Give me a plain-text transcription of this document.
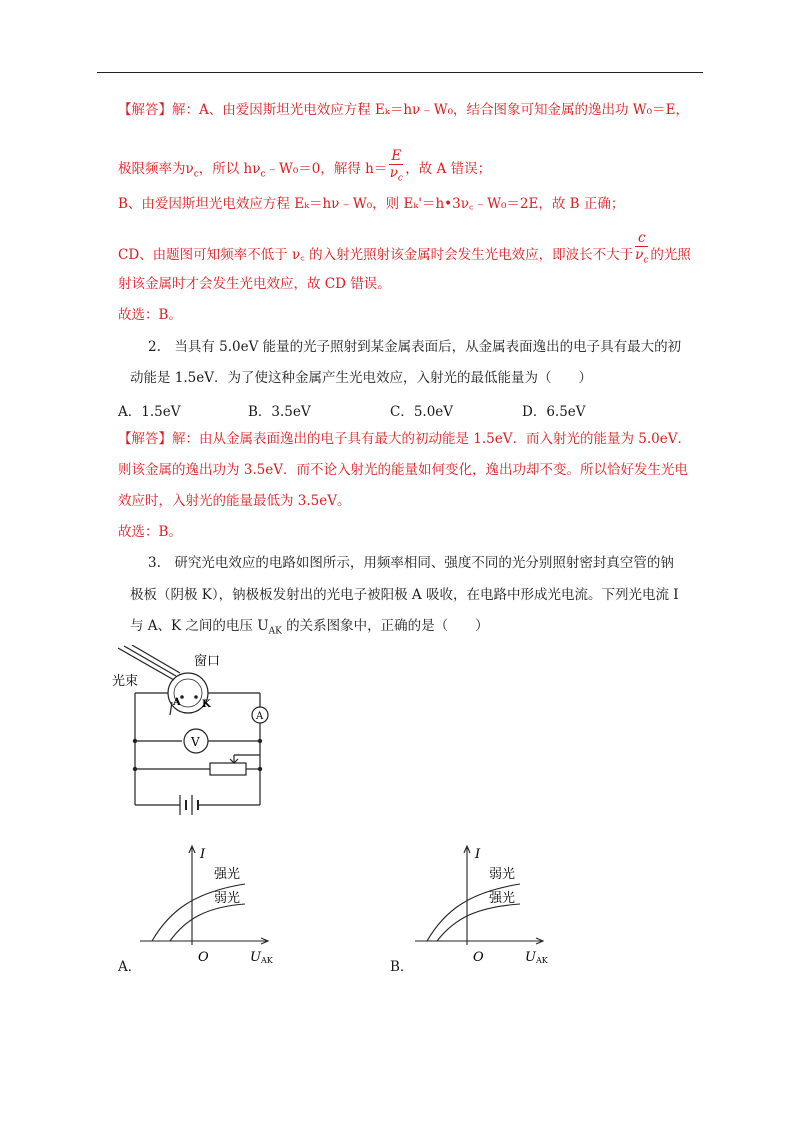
【解答】解：A、由爱因斯坦光电效应方程 Eₖ＝hν﹣W₀，结合图象可知金属的逸出功 W₀＝E，
极限频率为$\nu_c$，所以 $h\nu_c﹣W_0=0$，解得 $h= \frac{E}{\nu_c}$ ，故 A 错误；
B、由爱因斯坦光电效应方程 Eₖ＝hν﹣W₀，则 Eₖ'＝h•3ν꜀﹣W₀＝2E，故 B 正确；
CD、由题图可知频率不低于 ν꜀ 的入射光照射该金属时会发生光电效应，即波长不大于 $\frac{c}{\nu_c}$ 的光照
射该金属时才会发生光电效应，故 CD 错误。
故选：B。
2.　当具有 5.0eV 能量的光子照射到某金属表面后，从金属表面逸出的电子具有最大的初
动能是 1.5eV．为了使这种金属产生光电效应，入射光的最低能量为（　　）
A．1.5eV	B．3.5eV	C．5.0eV	D．6.5eV
【解答】解：由从金属表面逸出的电子具有最大的初动能是 1.5eV．而入射光的能量为 5.0eV．
则该金属的逸出功为 3.5eV．而不论入射光的能量如何变化，逸出功却不变。所以恰好发生光电
效应时，入射光的能量最低为 3.5eV。
故选：B。
3.　研究光电效应的电路如图所示，用频率相同、强度不同的光分别照射密封真空管的钠
极板（阴极 K），钠极板发射出的光电子被阳极 A 吸收，在电路中形成光电流。下列光电流 I
与 A、K 之间的电压 $U_{AK}$ 的关系图象中，正确的是（　　）
窗口
光束
A K
A
V
A．
I
O	UAK
强光
弱光
B．
I
O	UAK
弱光
强光
